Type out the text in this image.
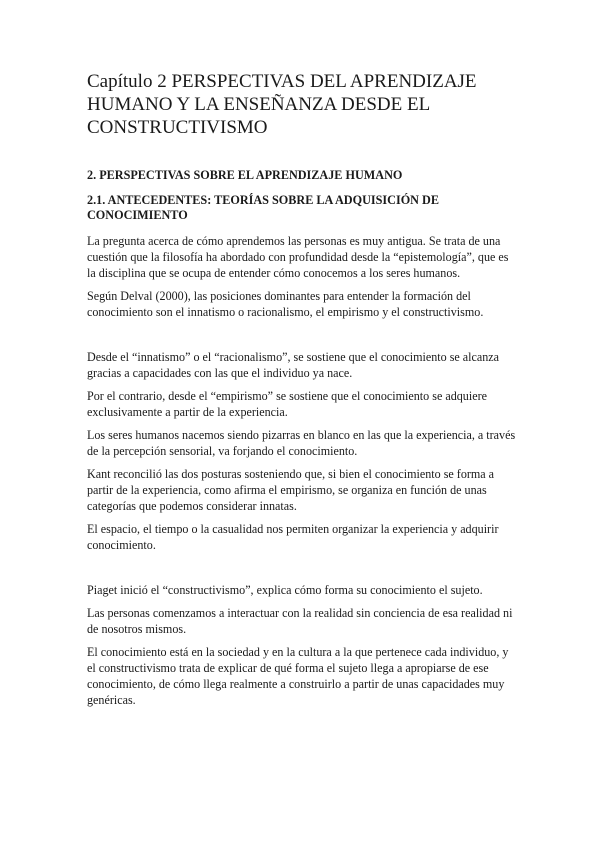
Capítulo 2 PERSPECTIVAS DEL APRENDIZAJE HUMANO Y LA ENSEÑANZA DESDE EL CONSTRUCTIVISMO
2. PERSPECTIVAS SOBRE EL APRENDIZAJE HUMANO
2.1. ANTECEDENTES: TEORÍAS SOBRE LA ADQUISICIÓN DE CONOCIMIENTO

La pregunta acerca de cómo aprendemos las personas es muy antigua. Se trata de una cuestión que la filosofía ha abordado con profundidad desde la “epistemología”, que es la disciplina que se ocupa de entender cómo conocemos a los seres humanos.

Según Delval (2000), las posiciones dominantes para entender la formación del conocimiento son el innatismo o racionalismo, el empirismo y el constructivismo.

Desde el “innatismo” o el “racionalismo”, se sostiene que el conocimiento se alcanza gracias a capacidades con las que el individuo ya nace.

Por el contrario, desde el “empirismo” se sostiene que el conocimiento se adquiere exclusivamente a partir de la experiencia.

Los seres humanos nacemos siendo pizarras en blanco en las que la experiencia, a través de la percepción sensorial, va forjando el conocimiento.

Kant reconcilió las dos posturas sosteniendo que, si bien el conocimiento se forma a partir de la experiencia, como afirma el empirismo, se organiza en función de unas categorías que podemos considerar innatas.

El espacio, el tiempo o la casualidad nos permiten organizar la experiencia y adquirir conocimiento.

Piaget inició el “constructivismo”, explica cómo forma su conocimiento el sujeto.

Las personas comenzamos a interactuar con la realidad sin conciencia de esa realidad ni de nosotros mismos.

El conocimiento está en la sociedad y en la cultura a la que pertenece cada individuo, y el constructivismo trata de explicar de qué forma el sujeto llega a apropiarse de ese conocimiento, de cómo llega realmente a construirlo a partir de unas capacidades muy genéricas.
